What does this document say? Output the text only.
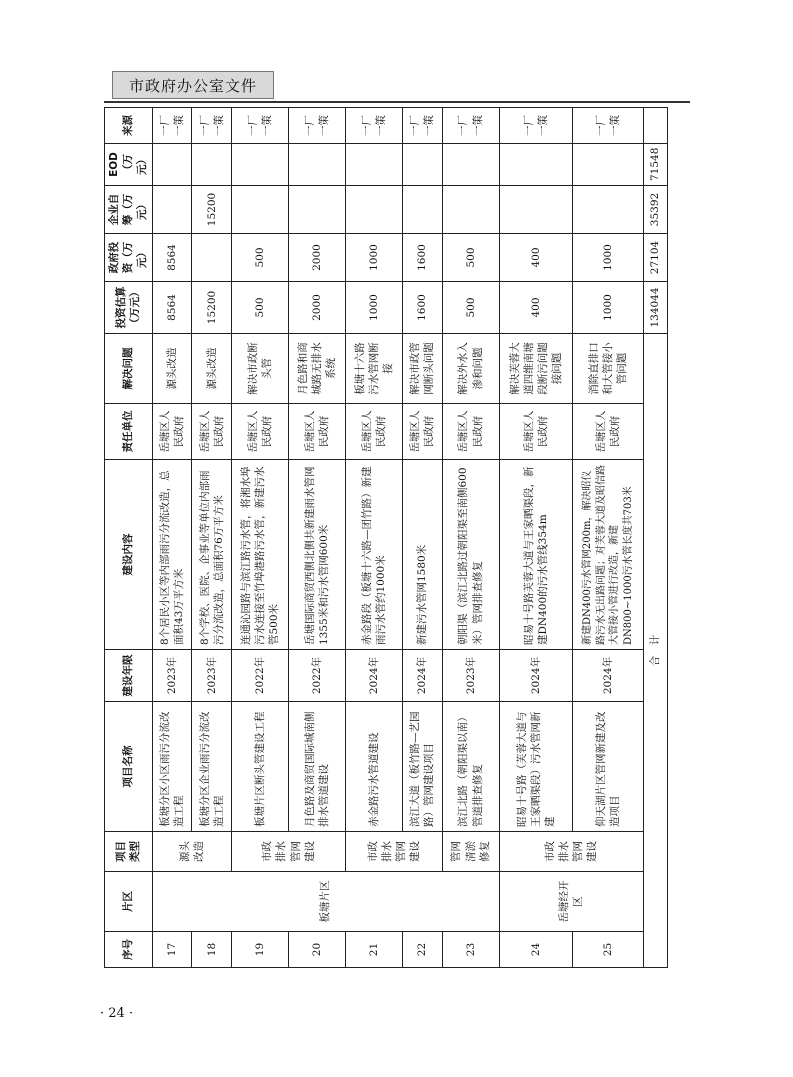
市政府办公室文件
序号	片区	项目类型	项目名称	建设年限	建设内容	责任单位	解决问题	投资估算（万元）	政府投资（万元）	企业自筹（万元）	EOD（万元）	来源
17	板塘片区	源头改造	板塘分区小区雨污分流改造工程	2023年	8个居民小区等内部雨污分流改造，总面积43万平方米	岳塘区人民政府	源头改造	8564	8564			一厂一策
18			板塘分区企业雨污分流改造工程	2023年	8个学校、医院、企事业等单位内部雨污分流改造，总面积76万平方米	岳塘区人民政府	源头改造	15200		15200		一厂一策
19		市政排水管网建设	板塘片区断头管建设工程	2022年	连通沁园路与滨江路污水管，将湘水埠污水连接至竹埠港路污水管，新建污水管500米	岳塘区人民政府	解决市政断头管	500	500			一厂一策
20			月色路及商贸国际城南侧排水管道建设	2022年	岳塘国际商贸西侧北侧共新建雨水管网1355米和污水管网600米	岳塘区人民政府	月色路和商城路无排水系统	2000	2000			一厂一策
21		市政排水管网建设	赤金路污水管道建设	2024年	赤金路段（板塘十六路—团竹路）新建雨污水管约1000米	岳塘区人民政府	板塘十六路污水管网断接	1000	1000			一厂一策
22			滨江大道（板竹路—艺园路）管网建设项目	2024年	新建污水管网1580米	岳塘区人民政府	解决市政管网断头问题	1600	1600			一厂一策
23		管网清淤修复	滨江北路（朝阳渠以南）管道排查修复	2023年	朝阳渠（滨江北路过朝阳渠至南侧600米）管网排查修复	岳塘区人民政府	解决外水入渗和问题	500	500			一厂一策
24	岳塘经开区	市政排水管网建设	昭易十号路（芙蓉大道与王家晒渠段）污水管网新建	2024年	昭易十号路芙蓉大道与王家晒渠段，新建DN400的污水管线354m	岳塘区人民政府	解决芙蓉大道四维南塘段断污问题接问题	400	400			一厂一策
25			仰天湖片区管网新建及改造项目	2024年	新建DN400污水管网200m，解决昭仪路污水无出路问题；对芙蓉大道及昭信路大管接小管进行改造，新建DN800~1000污水管长度共703米	岳塘区人民政府	消除直排口和大管接小管问题	1000	1000			一厂一策
合　计								134044	27104	35392	71548	
· 24 ·
